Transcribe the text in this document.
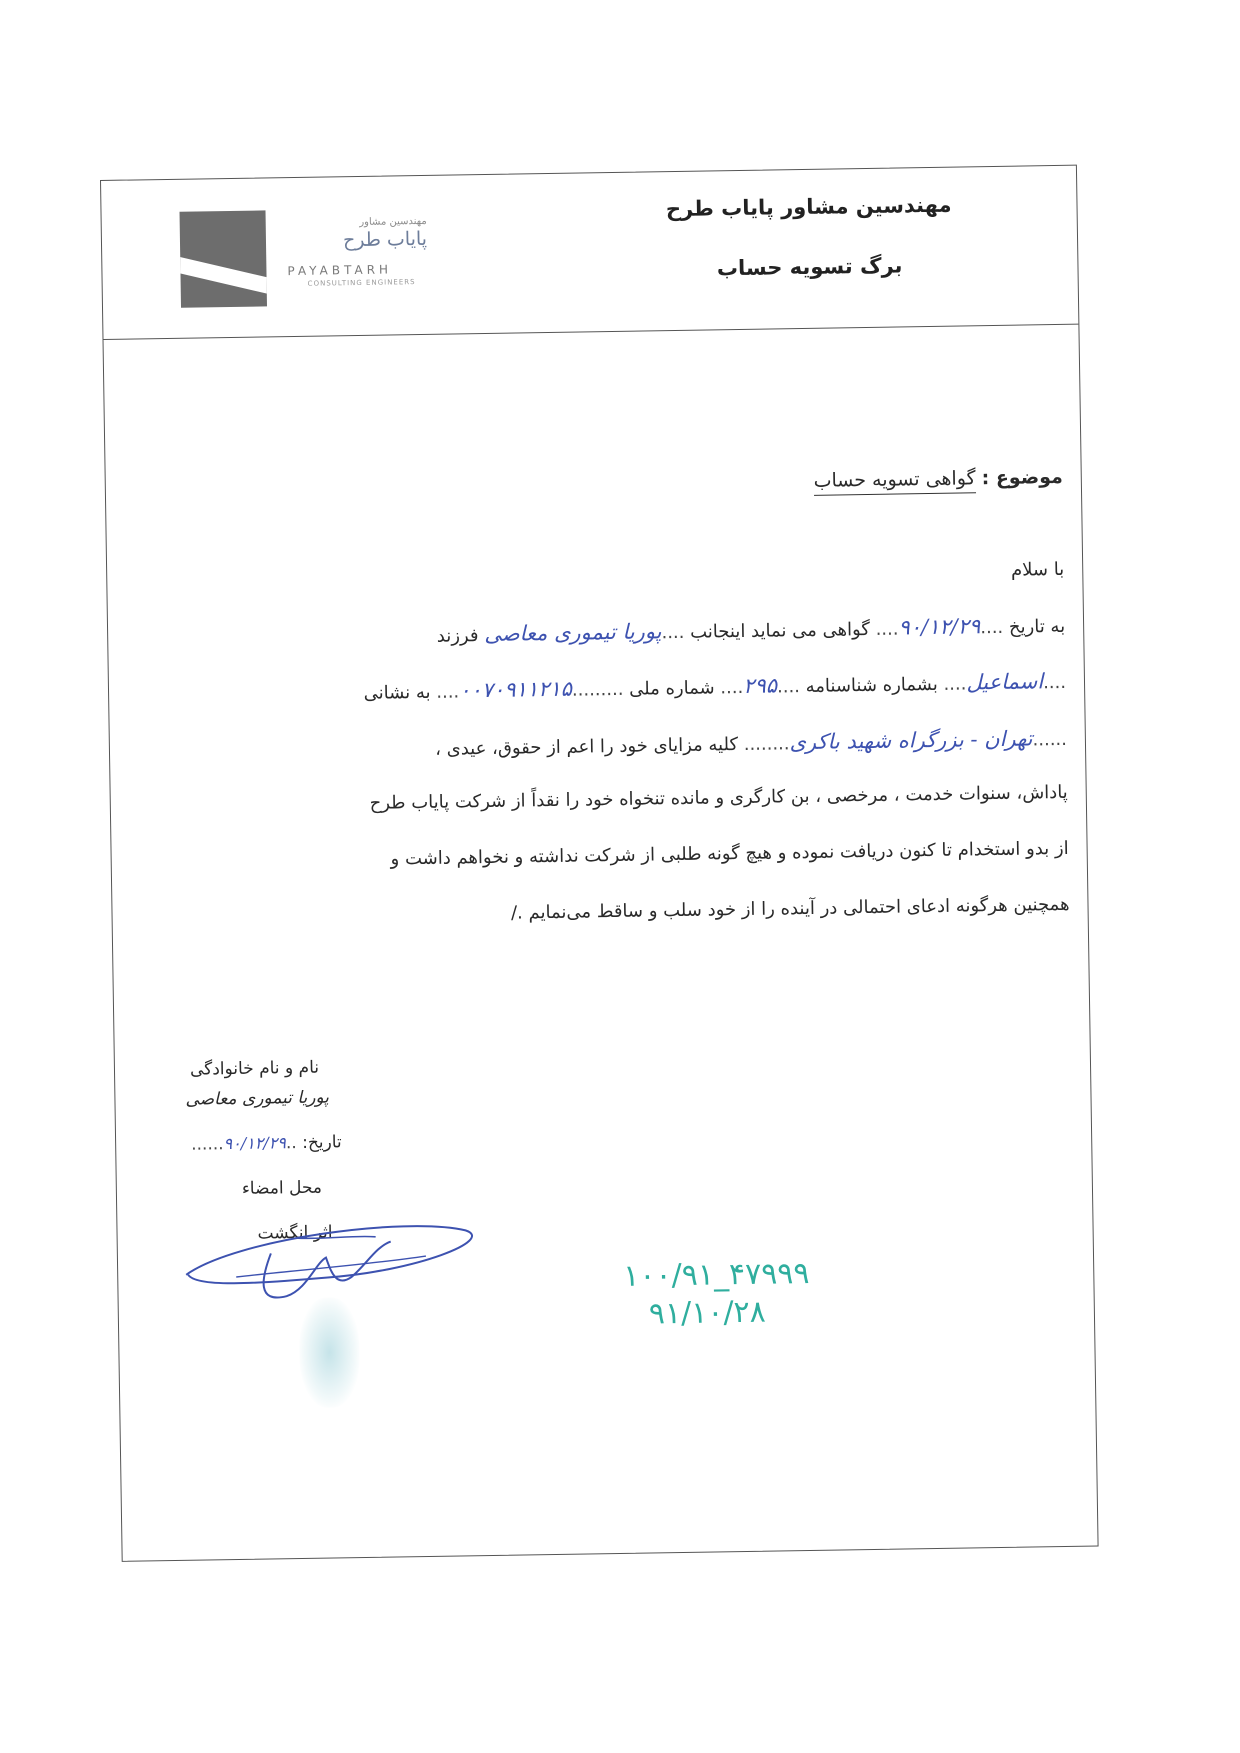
مهندسین مشاور
پایاب طرح
PAYABTARH
CONSULTING ENGINEERS
مهندسین مشاور پایاب طرح
برگ تسویه حساب
موضوع : گواهی تسویه حساب
با سلام
به تاریخ ....۹۰/۱۲/۲۹.... گواهی می نماید اینجانب ....پوریا تیموری معاصی فرزند
....اسماعیل.... بشماره شناسنامه ....۲۹۵.... شماره ملی .........۰۰۷۰۹۱۱۲۱۵.... به نشانی
......تهران - بزرگراه شهید باکری........ کلیه مزایای خود را اعم از حقوق، عیدی ،
پاداش، سنوات خدمت ، مرخصی ، بن کارگری و مانده تنخواه خود را نقداً از شرکت پایاب طرح
از بدو استخدام تا کنون دریافت نموده و هیچ گونه طلبی از شرکت نداشته و نخواهم داشت و
همچنین هرگونه ادعای احتمالی در آینده را از خود سلب و ساقط می‌نمایم ./
نام و نام خانوادگی
پوریا تیموری معاصی
تاریخ: ..۹۰/۱۲/۲۹......
محل امضاء
اثر انگشت
۱۰۰/۹۱_۴۷۹۹۹
۹۱/۱۰/۲۸
